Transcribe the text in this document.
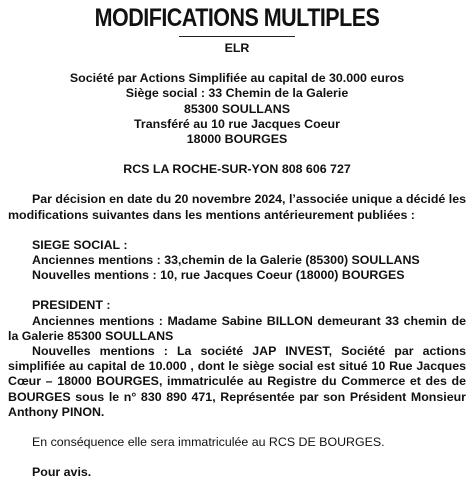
MODIFICATIONS MULTIPLES

ELR

Société par Actions Simplifiée au capital de 30.000 euros

Siège social : 33 Chemin de la Galerie

85300 SOULLANS

Transféré au 10 rue Jacques Coeur

18000 BOURGES

RCS LA ROCHE-SUR-YON 808 606 727

Par décision en date du 20 novembre 2024, l’associée unique a décidé les modifications suivantes dans les mentions antérieurement publiées :

SIEGE SOCIAL :

Anciennes mentions : 33,chemin de la Galerie (85300) SOULLANS

Nouvelles mentions : 10, rue Jacques Coeur (18000) BOURGES

PRESIDENT :

Anciennes mentions : Madame Sabine BILLON demeurant 33 chemin de la Galerie 85300 SOULLANS

Nouvelles mentions : La société JAP INVEST, Société par actions simplifiée au capital de 10.000 , dont le siège social est situé 10 Rue Jacques Cœur – 18000 BOURGES, immatriculée au Registre du Commerce et des de BOURGES sous le n° 830 890 471, Représentée par son Président Monsieur Anthony PINON.

En conséquence elle sera immatriculée au RCS DE BOURGES.

Pour avis.
